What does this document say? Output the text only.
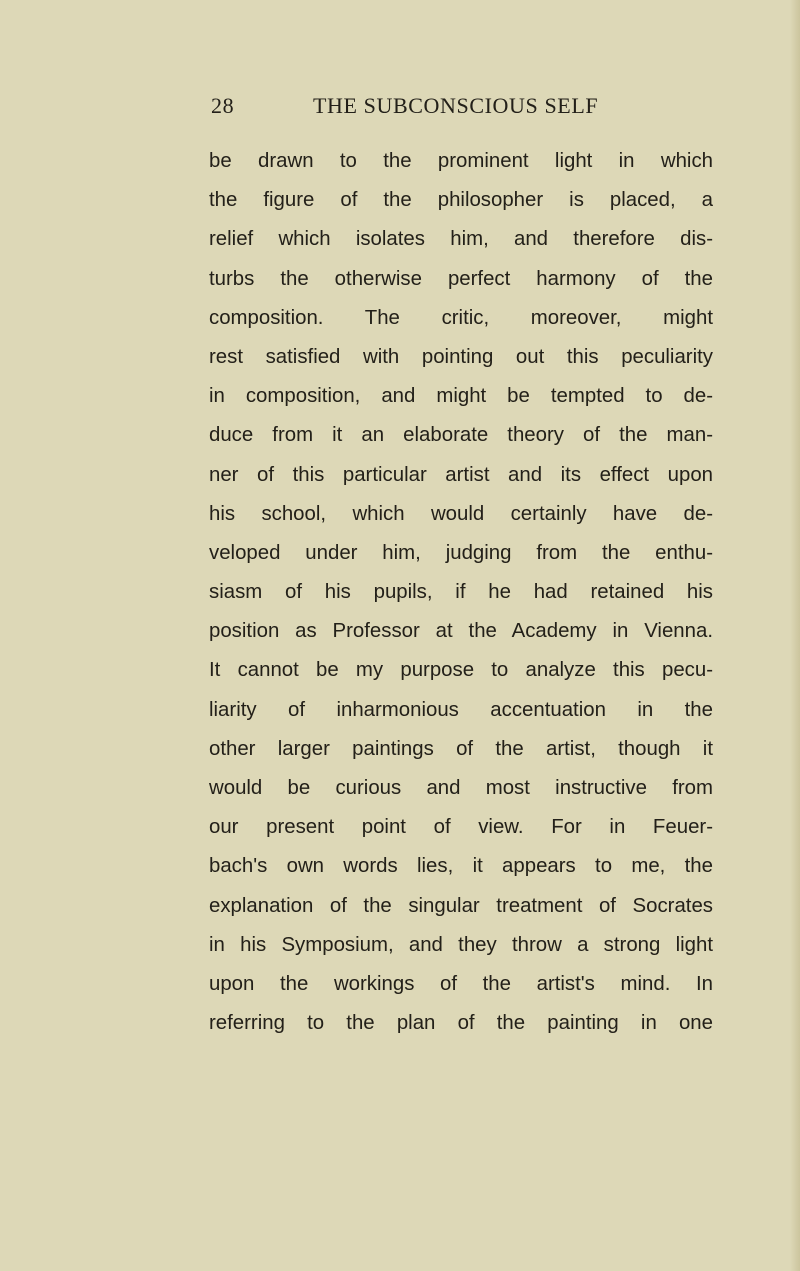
28	THE SUBCONSCIOUS SELF
be drawn to the prominent light in which
the figure of the philosopher is placed, a
relief which isolates him, and therefore dis-
turbs the otherwise perfect harmony of the
composition. The critic, moreover, might
rest satisfied with pointing out this peculiarity
in composition, and might be tempted to de-
duce from it an elaborate theory of the man-
ner of this particular artist and its effect upon
his school, which would certainly have de-
veloped under him, judging from the enthu-
siasm of his pupils, if he had retained his
position as Professor at the Academy in Vienna.
It cannot be my purpose to analyze this pecu-
liarity of inharmonious accentuation in the
other larger paintings of the artist, though it
would be curious and most instructive from
our present point of view. For in Feuer-
bach's own words lies, it appears to me, the
explanation of the singular treatment of Socrates
in his Symposium, and they throw a strong light
upon the workings of the artist's mind. In
referring to the plan of the painting in one
